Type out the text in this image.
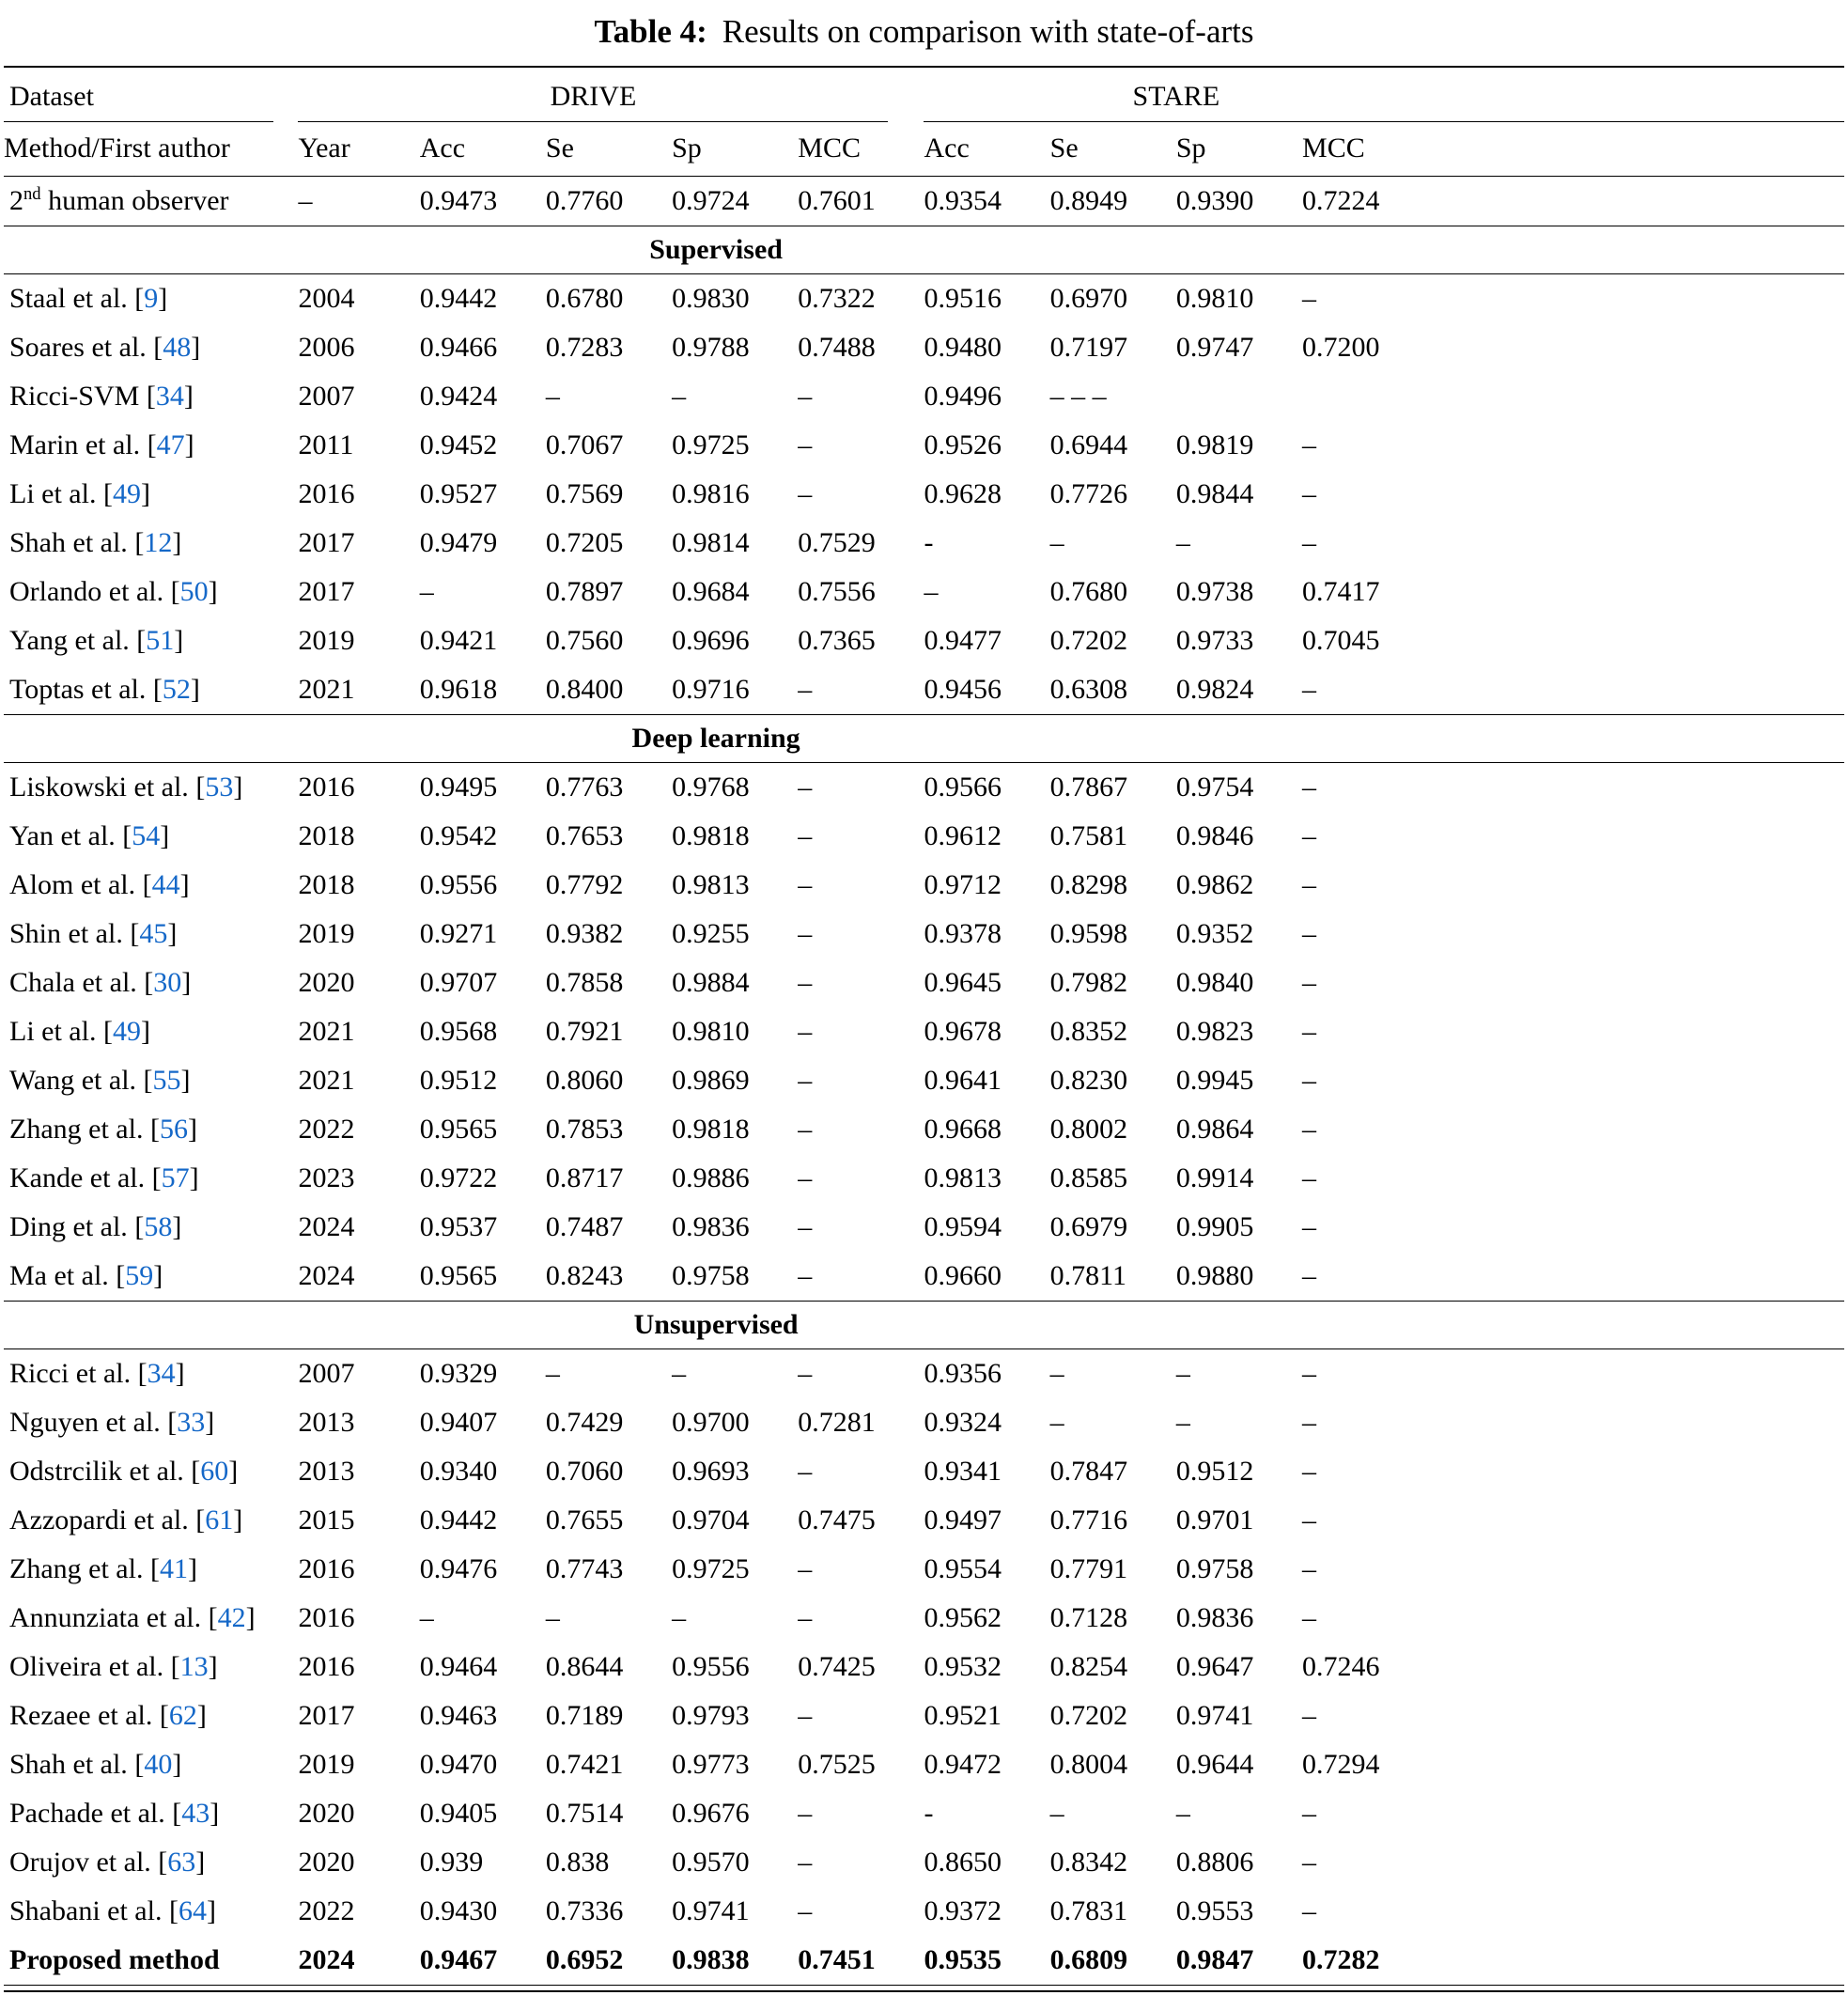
Table 4: Results on comparison with state-of-arts
Dataset	DRIVE					STARE				

Method/First author	Year	Acc	Se	Sp	MCC	Acc	Se	Sp	MCC	
2nd human observer	–	0.9473	0.7760	0.9724	0.7601	0.9354	0.8949	0.9390	0.7224	
Supervised										
Staal et al. [9]	2004	0.9442	0.6780	0.9830	0.7322	0.9516	0.6970	0.9810	–	
Soares et al. [48]	2006	0.9466	0.7283	0.9788	0.7488	0.9480	0.7197	0.9747	0.7200	
Ricci-SVM [34]	2007	0.9424	–	–	–	0.9496	– – –			
Marin et al. [47]	2011	0.9452	0.7067	0.9725	–	0.9526	0.6944	0.9819	–	
Li et al. [49]	2016	0.9527	0.7569	0.9816	–	0.9628	0.7726	0.9844	–	
Shah et al. [12]	2017	0.9479	0.7205	0.9814	0.7529	-	–	–	–	
Orlando et al. [50]	2017	–	0.7897	0.9684	0.7556	–	0.7680	0.9738	0.7417	
Yang et al. [51]	2019	0.9421	0.7560	0.9696	0.7365	0.9477	0.7202	0.9733	0.7045	
Toptas et al. [52]	2021	0.9618	0.8400	0.9716	–	0.9456	0.6308	0.9824	–	
Deep learning										
Liskowski et al. [53]	2016	0.9495	0.7763	0.9768	–	0.9566	0.7867	0.9754	–	
Yan et al. [54]	2018	0.9542	0.7653	0.9818	–	0.9612	0.7581	0.9846	–	
Alom et al. [44]	2018	0.9556	0.7792	0.9813	–	0.9712	0.8298	0.9862	–	
Shin et al. [45]	2019	0.9271	0.9382	0.9255	–	0.9378	0.9598	0.9352	–	
Chala et al. [30]	2020	0.9707	0.7858	0.9884	–	0.9645	0.7982	0.9840	–	
Li et al. [49]	2021	0.9568	0.7921	0.9810	–	0.9678	0.8352	0.9823	–	
Wang et al. [55]	2021	0.9512	0.8060	0.9869	–	0.9641	0.8230	0.9945	–	
Zhang et al. [56]	2022	0.9565	0.7853	0.9818	–	0.9668	0.8002	0.9864	–	
Kande et al. [57]	2023	0.9722	0.8717	0.9886	–	0.9813	0.8585	0.9914	–	
Ding et al. [58]	2024	0.9537	0.7487	0.9836	–	0.9594	0.6979	0.9905	–	
Ma et al. [59]	2024	0.9565	0.8243	0.9758	–	0.9660	0.7811	0.9880	–	
Unsupervised										
Ricci et al. [34]	2007	0.9329	–	–	–	0.9356	–	–	–	
Nguyen et al. [33]	2013	0.9407	0.7429	0.9700	0.7281	0.9324	–	–	–	
Odstrcilik et al. [60]	2013	0.9340	0.7060	0.9693	–	0.9341	0.7847	0.9512	–	
Azzopardi et al. [61]	2015	0.9442	0.7655	0.9704	0.7475	0.9497	0.7716	0.9701	–	
Zhang et al. [41]	2016	0.9476	0.7743	0.9725	–	0.9554	0.7791	0.9758	–	
Annunziata et al. [42]	2016	–	–	–	–	0.9562	0.7128	0.9836	–	
Oliveira et al. [13]	2016	0.9464	0.8644	0.9556	0.7425	0.9532	0.8254	0.9647	0.7246	
Rezaee et al. [62]	2017	0.9463	0.7189	0.9793	–	0.9521	0.7202	0.9741	–	
Shah et al. [40]	2019	0.9470	0.7421	0.9773	0.7525	0.9472	0.8004	0.9644	0.7294	
Pachade et al. [43]	2020	0.9405	0.7514	0.9676	–	-	–	–	–	
Orujov et al. [63]	2020	0.939	0.838	0.9570	–	0.8650	0.8342	0.8806	–	
Shabani et al. [64]	2022	0.9430	0.7336	0.9741	–	0.9372	0.7831	0.9553	–	
Proposed method	2024	0.9467	0.6952	0.9838	0.7451	0.9535	0.6809	0.9847	0.7282	
